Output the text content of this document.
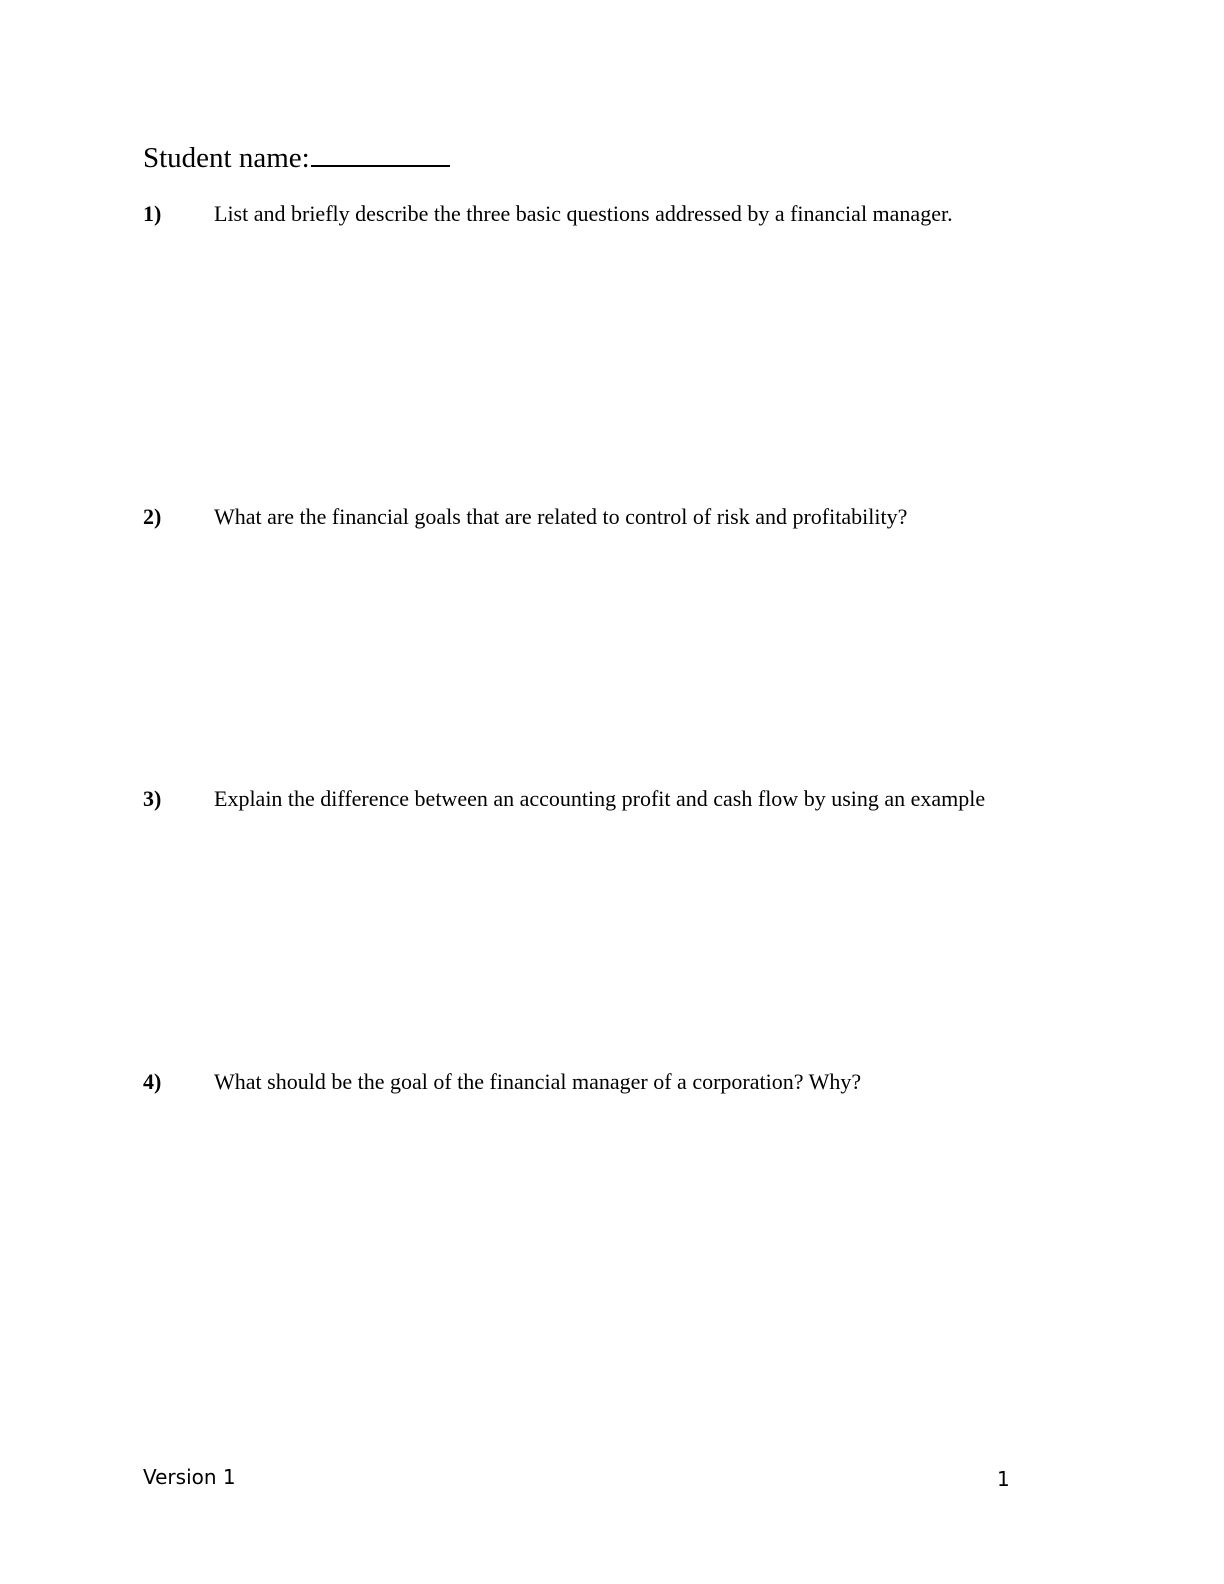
Student name:
1) List and briefly describe the three basic questions addressed by a financial manager.
2) What are the financial goals that are related to control of risk and profitability?
3) Explain the difference between an accounting profit and cash flow by using an example
4) What should be the goal of the financial manager of a corporation? Why?
Version 1	1
